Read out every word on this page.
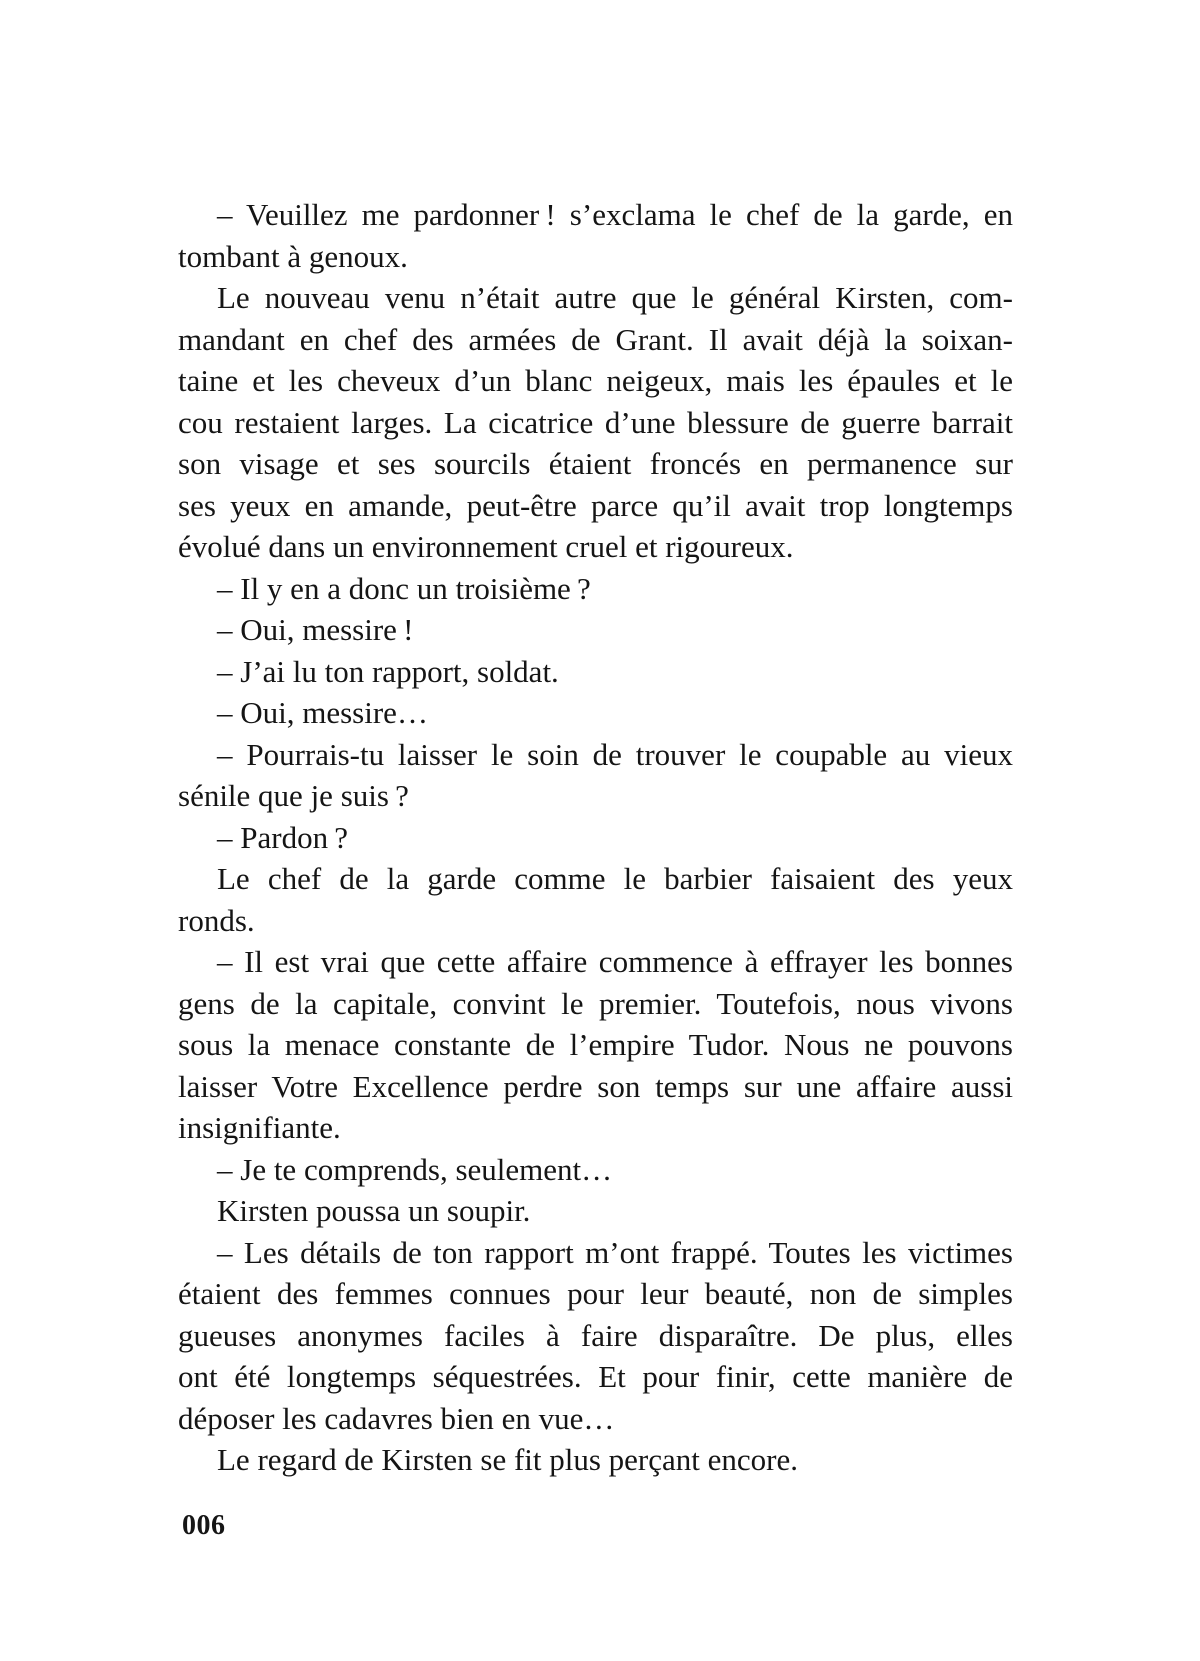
– Veuillez me pardonner ! s’exclama le chef de la garde, en
tombant à genoux.
Le nouveau venu n’était autre que le général Kirsten, com-
mandant en chef des armées de Grant. Il avait déjà la soixan-
taine et les cheveux d’un blanc neigeux, mais les épaules et le
cou restaient larges. La cicatrice d’une blessure de guerre barrait
son visage et ses sourcils étaient froncés en permanence sur
ses yeux en amande, peut-être parce qu’il avait trop longtemps
évolué dans un environnement cruel et rigoureux.
– Il y en a donc un troisième ?
– Oui, messire !
– J’ai lu ton rapport, soldat.
– Oui, messire…
– Pourrais-tu laisser le soin de trouver le coupable au vieux
sénile que je suis ?
– Pardon ?
Le chef de la garde comme le barbier faisaient des yeux
ronds.
– Il est vrai que cette affaire commence à effrayer les bonnes
gens de la capitale, convint le premier. Toutefois, nous vivons
sous la menace constante de l’empire Tudor. Nous ne pouvons
laisser Votre Excellence perdre son temps sur une affaire aussi
insignifiante.
– Je te comprends, seulement…
Kirsten poussa un soupir.
– Les détails de ton rapport m’ont frappé. Toutes les victimes
étaient des femmes connues pour leur beauté, non de simples
gueuses anonymes faciles à faire disparaître. De plus, elles
ont été longtemps séquestrées. Et pour finir, cette manière de
déposer les cadavres bien en vue…
Le regard de Kirsten se fit plus perçant encore.
006
